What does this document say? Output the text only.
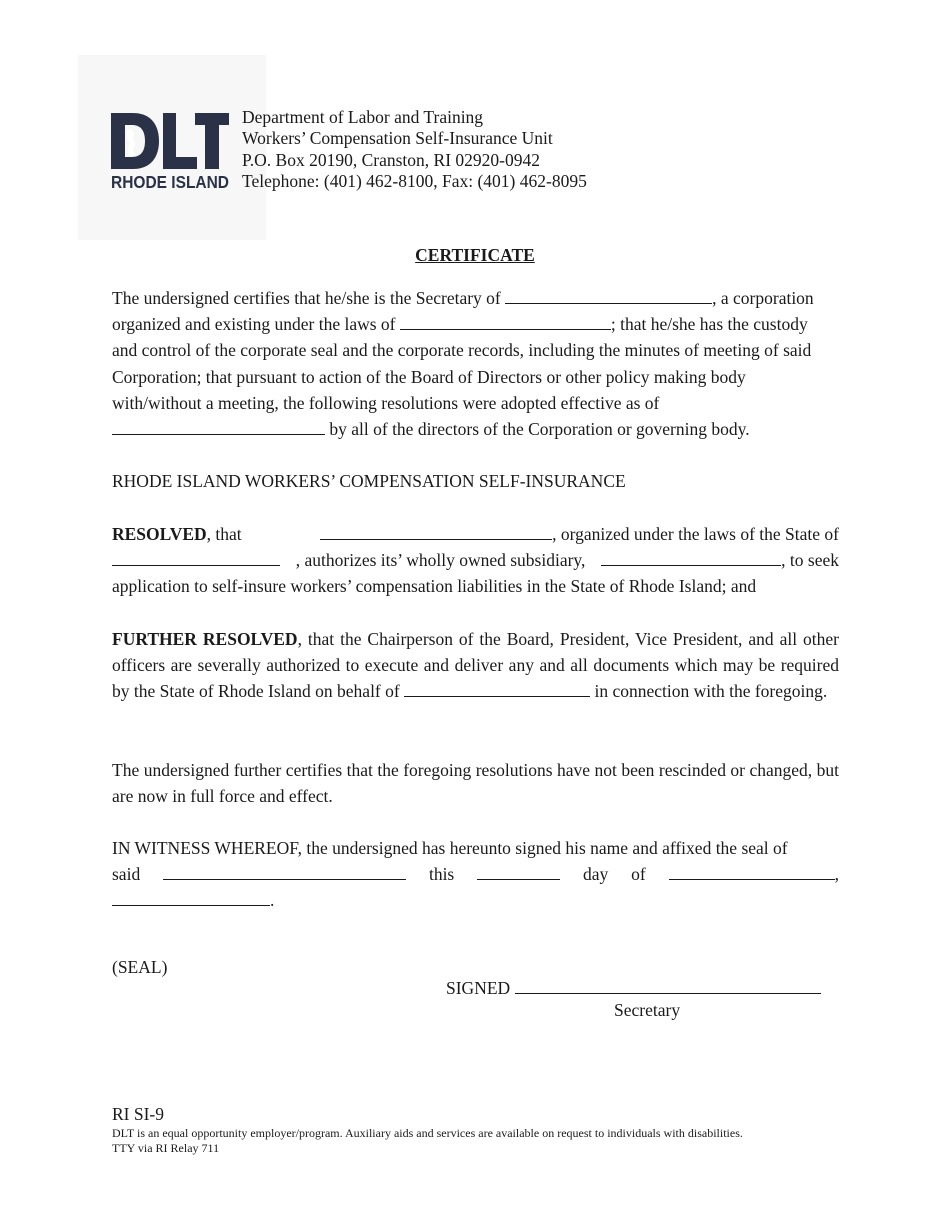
RHODE ISLAND
Department of Labor and Training
Workers’ Compensation Self-Insurance Unit
P.O. Box 20190, Cranston, RI 02920-0942
Telephone: (401) 462-8100, Fax: (401) 462-8095
CERTIFICATE
The undersigned certifies that he/she is the Secretary of	, a corporation
organized and existing under the laws of	; that he/she has the custody
and control of the corporate seal and the corporate records, including the minutes of meeting of said
Corporation; that pursuant to action of the Board of Directors or other policy making body
with/without a meeting, the following resolutions were adopted effective as of
by all of the directors of the Corporation or governing body.
RHODE ISLAND WORKERS’ COMPENSATION SELF-INSURANCE
RESOLVED, that	, organized under the laws of the State of
, authorizes its’ wholly owned subsidiary,	, to seek
application to self-insure workers’ compensation liabilities in the State of Rhode Island; and
FURTHER RESOLVED, that the Chairperson of the Board, President, Vice President, and all other officers are severally authorized to execute and deliver any and all documents which may be required by the State of Rhode Island on behalf of	in connection with the foregoing.
The undersigned further certifies that the foregoing resolutions have not been rescinded or changed, but are now in full force and effect.
IN WITNESS WHEREOF, the undersigned has hereunto signed his name and affixed the seal of
said	this	day of	,
.
(SEAL)
SIGNED
Secretary
RI SI-9
DLT is an equal opportunity employer/program. Auxiliary aids and services are available on request to individuals with disabilities.
TTY via RI Relay 711
